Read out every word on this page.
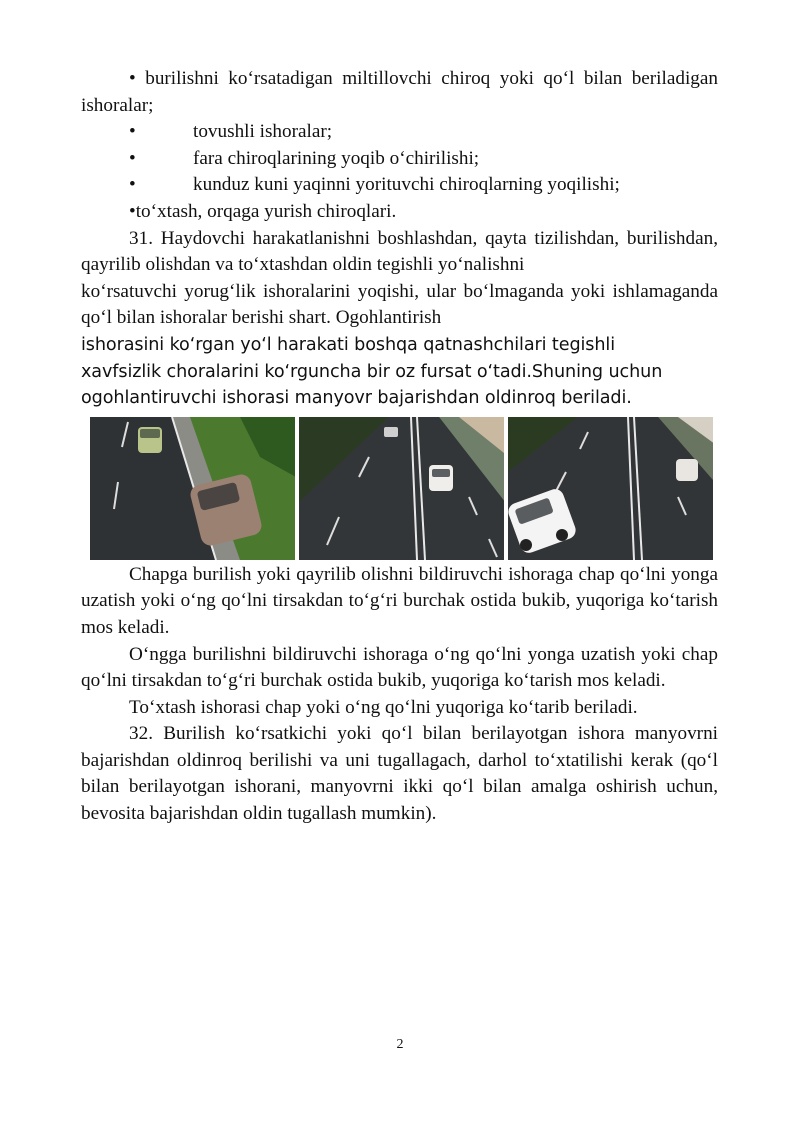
• burilishni ko‘rsatadigan miltillovchi chiroq yoki qo‘l bilan beriladigan ishoralar;

•	tovushli ishoralar;

•	fara chiroqlarining yoqib o‘chirilishi;

•	kunduz kuni yaqinni yorituvchi chiroqlarning yoqilishi;

•to‘xtash, orqaga yurish chiroqlari.

31. Haydovchi harakatlanishni boshlashdan, qayta tizilishdan, burilishdan, qayrilib olishdan va to‘xtashdan oldin tegishli yo‘nalishni

ko‘rsatuvchi yorug‘lik ishoralarini yoqishi, ular bo‘lmaganda yoki ishlamaganda qo‘l bilan ishoralar berishi shart. Ogohlantirish

ishorasini ko‘rgan yo‘l harakati boshqa qatnashchilari tegishli

xavfsizlik choralarini ko‘rguncha bir oz fursat o‘tadi.Shuning uchun

ogohlantiruvchi ishorasi manyovr bajarishdan oldinroq beriladi.

Chapga burilish yoki qayrilib olishni bildiruvchi ishoraga chap qo‘lni yonga uzatish yoki o‘ng qo‘lni tirsakdan to‘g‘ri burchak ostida bukib, yuqoriga ko‘tarish mos keladi.

O‘ngga burilishni bildiruvchi ishoraga o‘ng qo‘lni yonga uzatish yoki chap qo‘lni tirsakdan to‘g‘ri burchak ostida bukib, yuqoriga ko‘tarish mos keladi.

To‘xtash ishorasi chap yoki o‘ng qo‘lni yuqoriga ko‘tarib beriladi.

32. Burilish ko‘rsatkichi yoki qo‘l bilan berilayotgan ishora manyovrni bajarishdan oldinroq berilishi va uni tugallagach, darhol to‘xtatilishi kerak (qo‘l bilan berilayotgan ishorani, manyovrni ikki qo‘l bilan amalga oshirish uchun, bevosita bajarishdan oldin tugallash mumkin).

2
